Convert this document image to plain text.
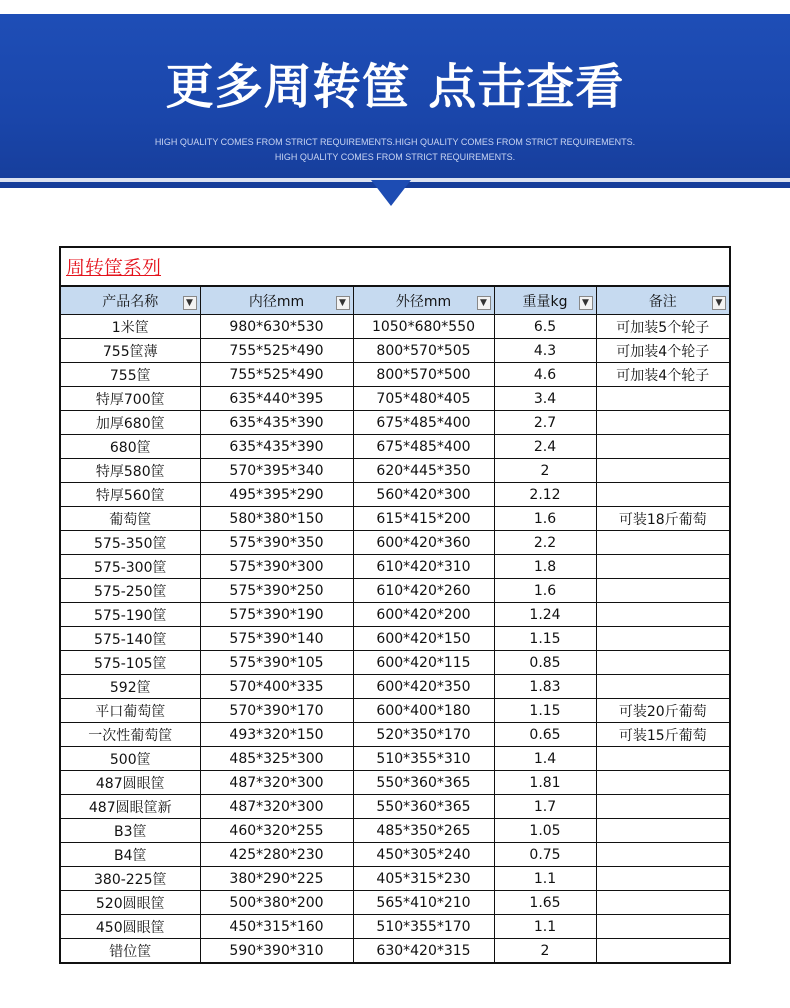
更多周转筐 点击查看
HIGH QUALITY COMES FROM STRICT REQUIREMENTS.HIGH QUALITY COMES FROM STRICT REQUIREMENTS.
HIGH QUALITY COMES FROM STRICT REQUIREMENTS.
周转筐系列
产品名称 ▼	内径mm ▼	外径mm ▼	重量kg ▼	备注 ▼

1米筐	980*630*530	1050*680*550	6.5	可加装5个轮子
755筐薄	755*525*490	800*570*505	4.3	可加装4个轮子
755筐	755*525*490	800*570*500	4.6	可加装4个轮子
特厚700筐	635*440*395	705*480*405	3.4	
加厚680筐	635*435*390	675*485*400	2.7	
680筐	635*435*390	675*485*400	2.4	
特厚580筐	570*395*340	620*445*350	2	
特厚560筐	495*395*290	560*420*300	2.12	
葡萄筐	580*380*150	615*415*200	1.6	可装18斤葡萄
575-350筐	575*390*350	600*420*360	2.2	
575-300筐	575*390*300	610*420*310	1.8	
575-250筐	575*390*250	610*420*260	1.6	
575-190筐	575*390*190	600*420*200	1.24	
575-140筐	575*390*140	600*420*150	1.15	
575-105筐	575*390*105	600*420*115	0.85	
592筐	570*400*335	600*420*350	1.83	
平口葡萄筐	570*390*170	600*400*180	1.15	可装20斤葡萄
一次性葡萄筐	493*320*150	520*350*170	0.65	可装15斤葡萄
500筐	485*325*300	510*355*310	1.4	
487圆眼筐	487*320*300	550*360*365	1.81	
487圆眼筐新	487*320*300	550*360*365	1.7	
B3筐	460*320*255	485*350*265	1.05	
B4筐	425*280*230	450*305*240	0.75	
380-225筐	380*290*225	405*315*230	1.1	
520圆眼筐	500*380*200	565*410*210	1.65	
450圆眼筐	450*315*160	510*355*170	1.1	
错位筐	590*390*310	630*420*315	2	
